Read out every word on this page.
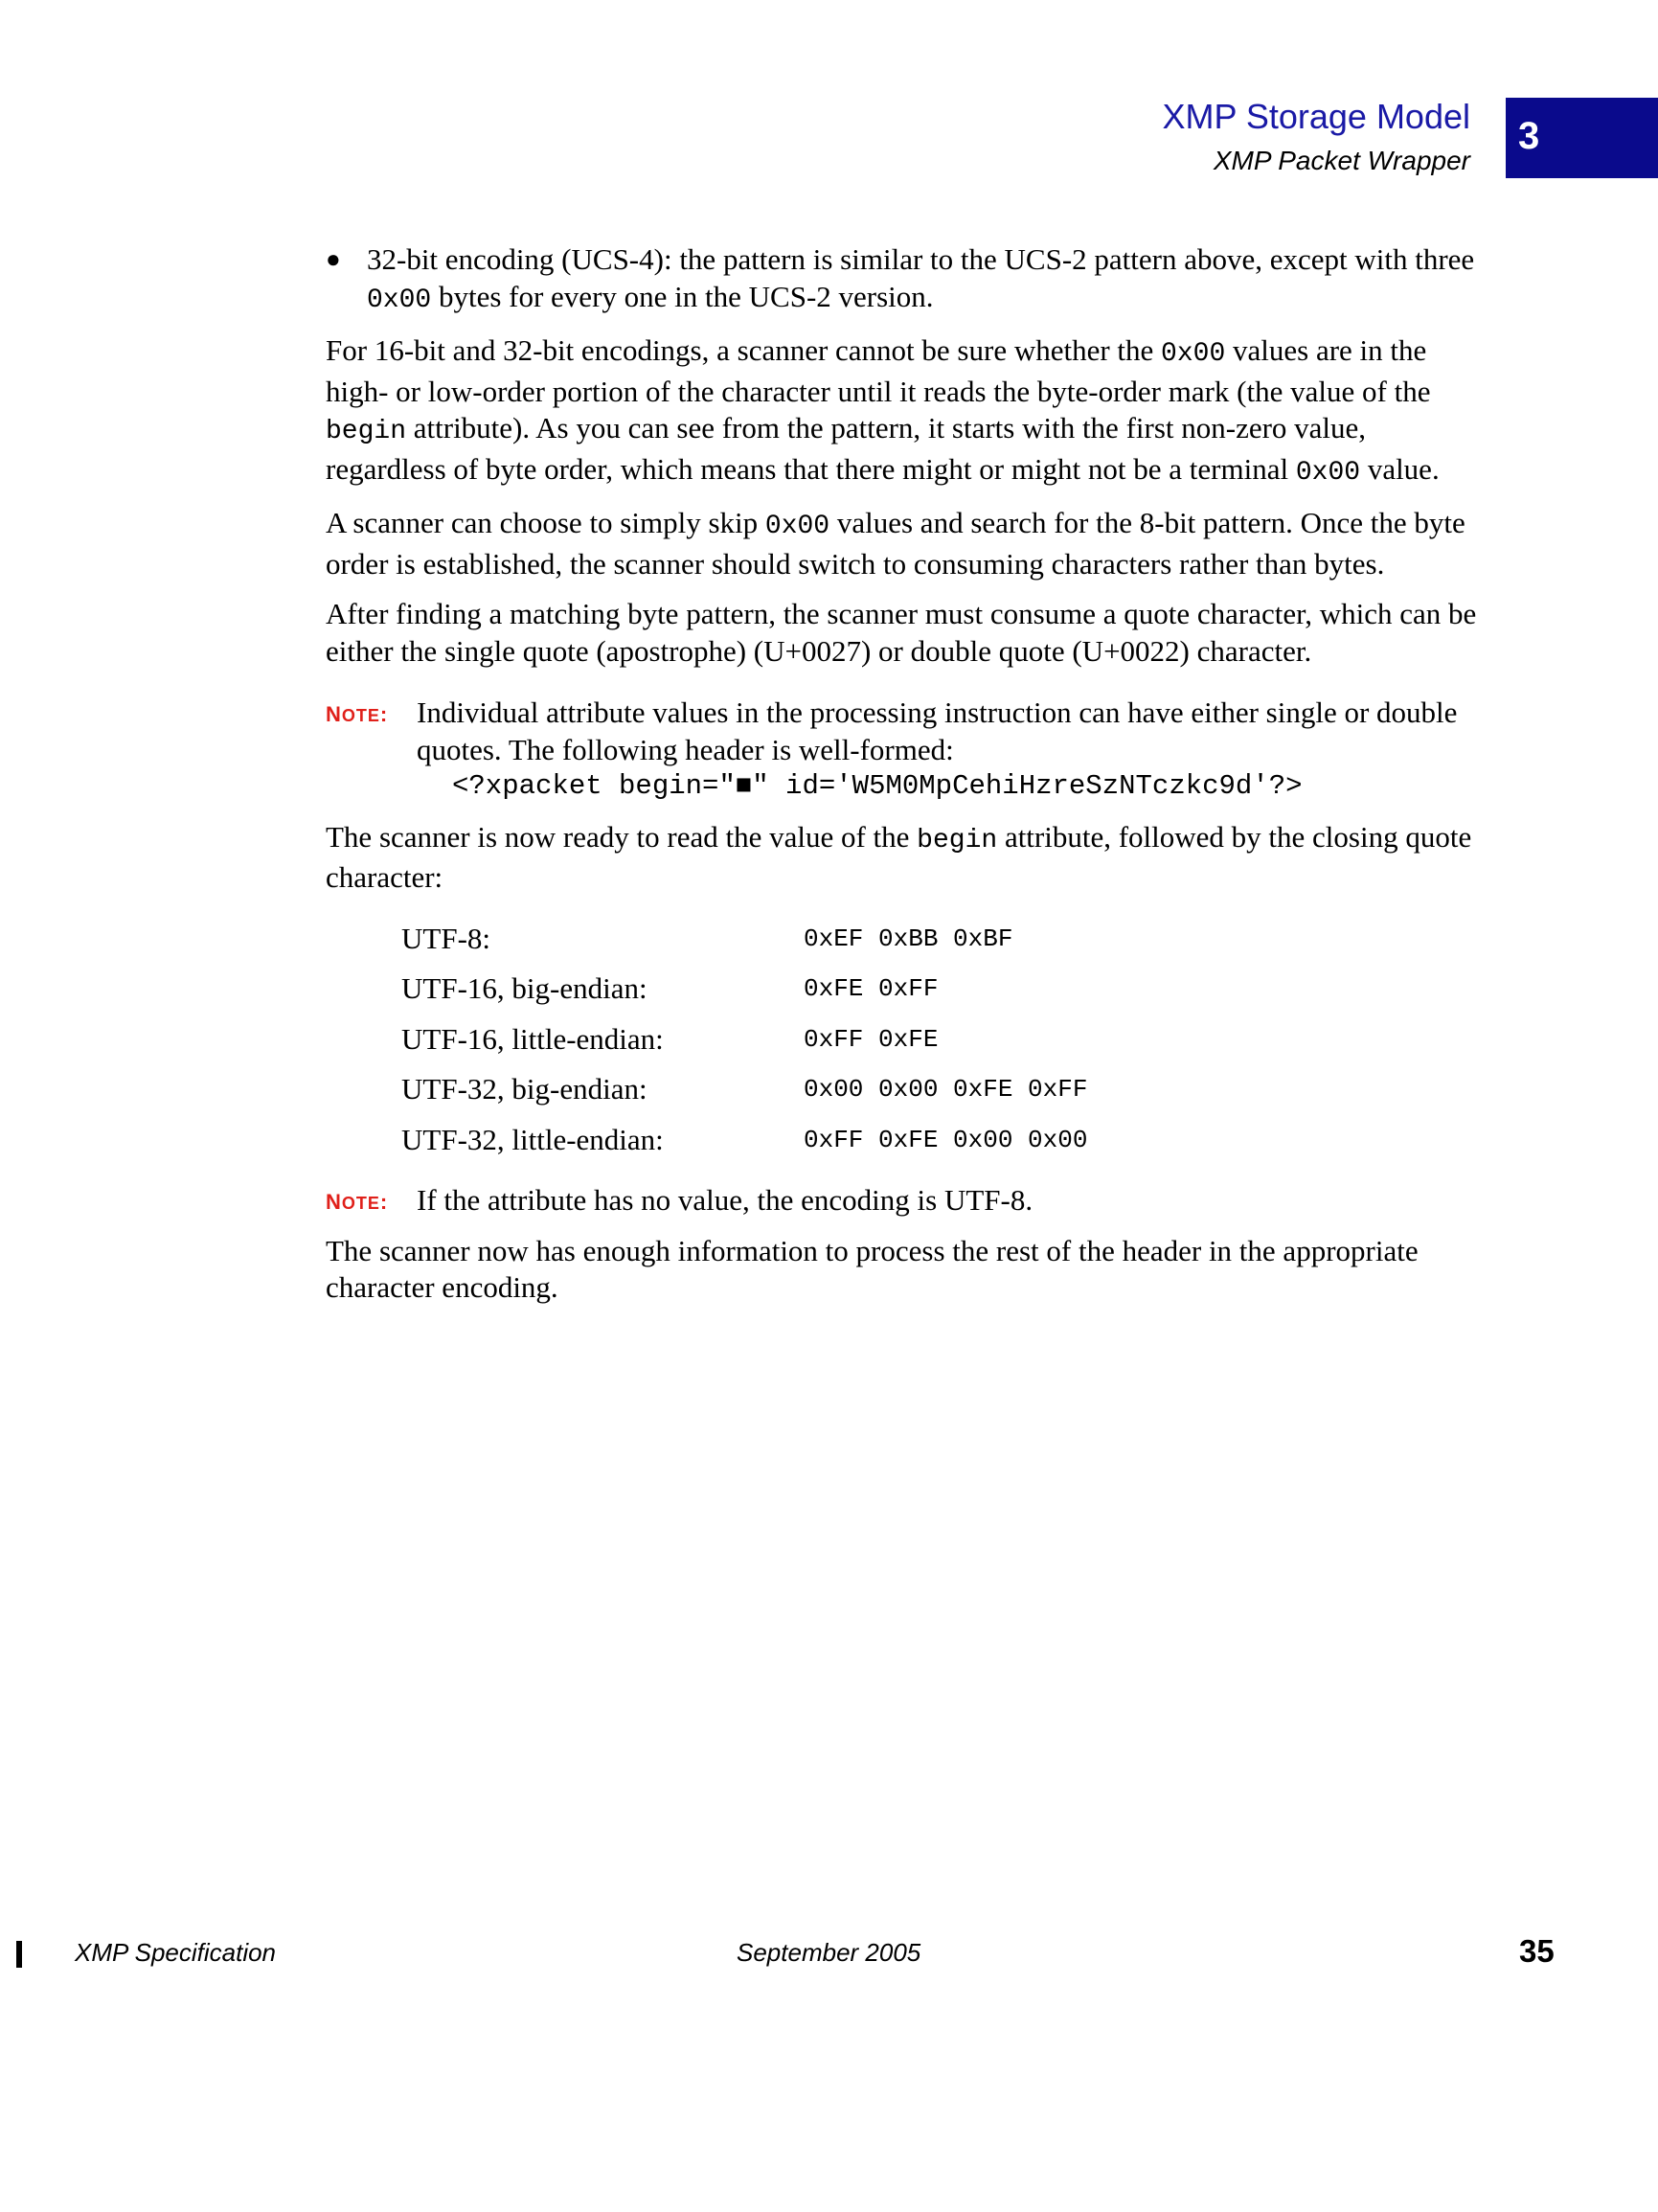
XMP Storage Model
XMP Packet Wrapper
3
● 32-bit encoding (UCS-4): the pattern is similar to the UCS-2 pattern above, except with three 0x00 bytes for every one in the UCS-2 version.

For 16-bit and 32-bit encodings, a scanner cannot be sure whether the 0x00 values are in the high- or low-order portion of the character until it reads the byte-order mark (the value of the begin attribute). As you can see from the pattern, it starts with the first non-zero value, regardless of byte order, which means that there might or might not be a terminal 0x00 value.

A scanner can choose to simply skip 0x00 values and search for the 8-bit pattern. Once the byte order is established, the scanner should switch to consuming characters rather than bytes.

After finding a matching byte pattern, the scanner must consume a quote character, which can be either the single quote (apostrophe) (U+0027) or double quote (U+0022) character.

NOTE: Individual attribute values in the processing instruction can have either single or double quotes. The following header is well-formed:
<?xpacket begin="■" id='W5M0MpCehiHzreSzNTczkc9d'?>

The scanner is now ready to read the value of the begin attribute, followed by the closing quote character:

UTF-8:	0xEF 0xBB 0xBF
UTF-16, big-endian:	0xFE 0xFF
UTF-16, little-endian:	0xFF 0xFE
UTF-32, big-endian:	0x00 0x00 0xFE 0xFF
UTF-32, little-endian:	0xFF 0xFE 0x00 0x00
NOTE: If the attribute has no value, the encoding is UTF-8.

The scanner now has enough information to process the rest of the header in the appropriate character encoding.

XMP Specification	September 2005	35
